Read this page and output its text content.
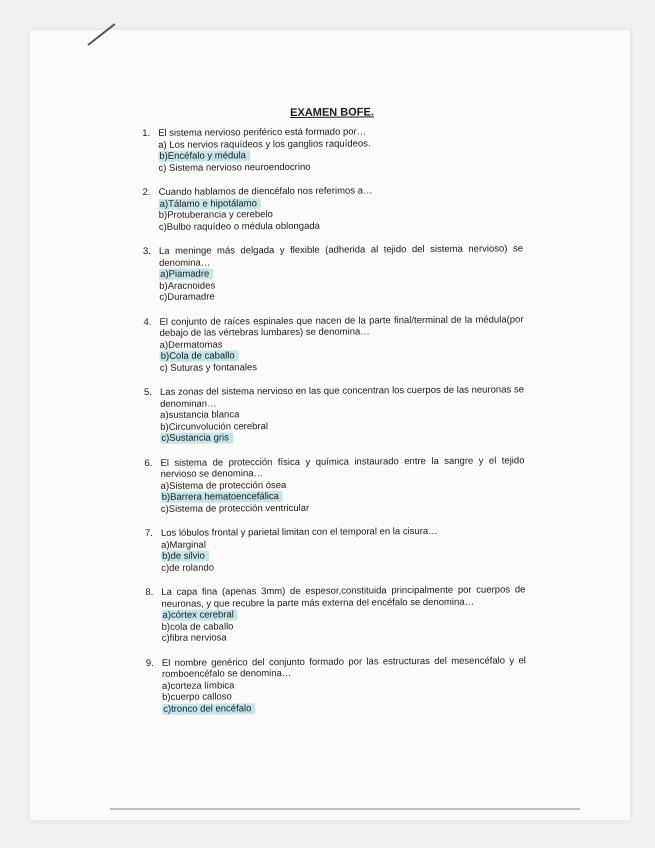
EXAMEN BOFE.
1. El sistema nervioso periférico está formado por…
a) Los nervios raquídeos y los ganglios raquídeos.
b)Encéfalo y médula
c) Sistema nervioso neuroendocrino
2. Cuando hablamos de diencéfalo nos referimos a…
a)Tálamo e hipotálamo
b)Protuberancia y cerebelo
c)Bulbo raquídeo o médula oblongada
3. La meninge más delgada y flexible (adherida al tejido del sistema nervioso) se denomina…
a)Piamadre
b)Aracnoides
c)Duramadre
4. El conjunto de raíces espinales que nacen de la parte final/terminal de la médula(por debajo de las vértebras lumbares) se denomina…
a)Dermatomas
b)Cola de caballo
c) Suturas y fontanales
5. Las zonas del sistema nervioso en las que concentran los cuerpos de las neuronas se denominan…
a)sustancia blanca
b)Circunvolución cerebral
c)Sustancia gris
6. El sistema de protección física y química instaurado entre la sangre y el tejido nervioso se denomina…
a)Sistema de protección ósea
b)Barrera hematoencefálica
c)Sistema de protección ventricular
7. Los lóbulos frontal y parietal limitan con el temporal en la cisura…
a)Marginal
b)de silvio
c)de rolando
8. La capa fina (apenas 3mm) de espesor,constituida principalmente por cuerpos de neuronas, y que recubre la parte más externa del encéfalo se denomina…
a)córtex cerebral
b)cola de caballo
c)fibra nerviosa
9. El nombre genérico del conjunto formado por las estructuras del mesencéfalo y el romboencéfalo se denomina…
a)corteza límbica
b)cuerpo calloso
c)tronco del encéfalo
